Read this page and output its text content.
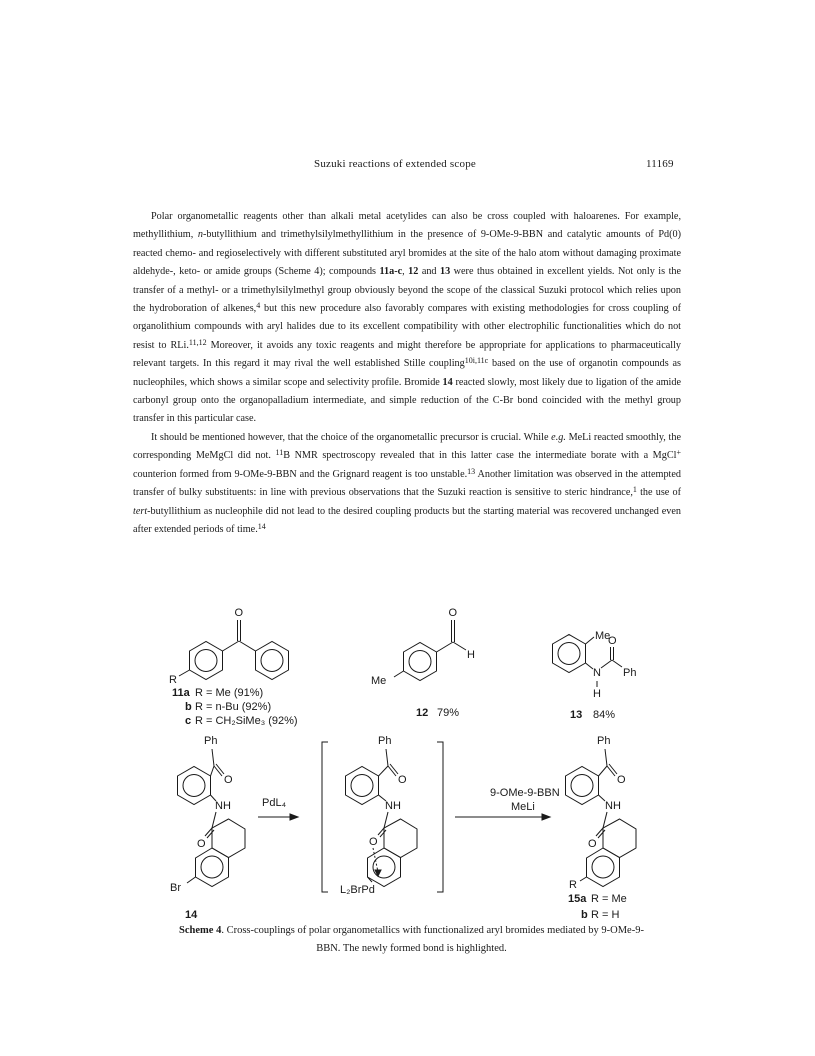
Suzuki reactions of extended scope	11169

Polar organometallic reagents other than alkali metal acetylides can also be cross coupled with haloarenes. For example, methyllithium, n-butyllithium and trimethylsilylmethyllithium in the presence of 9-OMe-9-BBN and catalytic amounts of Pd(0) reacted chemo- and regioselectively with different substituted aryl bromides at the site of the halo atom without damaging proximate aldehyde-, keto- or amide groups (Scheme 4); compounds 11a-c, 12 and 13 were thus obtained in excellent yields. Not only is the transfer of a methyl- or a trimethylsilylmethyl group obviously beyond the scope of the classical Suzuki protocol which relies upon the hydroboration of alkenes,$^4$ but this new procedure also favorably compares with existing methodologies for cross coupling of organolithium compounds with aryl halides due to its excellent compatibility with other electrophilic functionalities which do not resist to RLi.$^{11,12}$ Moreover, it avoids any toxic reagents and might therefore be appropriate for applications to pharmaceutically relevant targets. In this regard it may rival the well established Stille coupling$^{10i,11c}$ based on the use of organotin compounds as nucleophiles, which shows a similar scope and selectivity profile. Bromide 14 reacted slowly, most likely due to ligation of the amide carbonyl group onto the organopalladium intermediate, and simple reduction of the C-Br bond coincided with the methyl group transfer in this particular case.

It should be mentioned however, that the choice of the organometallic precursor is crucial. While e.g. MeLi reacted smoothly, the corresponding MeMgCl did not. $^{11}$B NMR spectroscopy revealed that in this latter case the intermediate borate with a MgCl+ counterion formed from 9-OMe-9-BBN and the Grignard reagent is too unstable.$^{13}$ Another limitation was observed in the attempted transfer of bulky substituents: in line with previous observations that the Suzuki reaction is sensitive to steric hindrance,$^1$ the use of tert-butyllithium as nucleophile did not lead to the desired coupling products but the starting material was recovered unchanged even after extended periods of time.$^{14}$

O
R
11a R = Me (91%)
b R = n-Bu (92%)
c R = CH₂SiMe₃ (92%)
O
H
Me
12 79%
Me
N
H
O
Ph
13 84%
Ph
O
NH
O
Br
14
PdL₄
Ph
O
NH
O
L₂BrPd
9-OMe-9-BBN
MeLi
Ph
O
NH
O
R
15a R = Me
b R = H
Scheme 4. Cross-couplings of polar organometallics with functionalized aryl bromides mediated by 9-OMe-9-BBN. The newly formed bond is highlighted.
